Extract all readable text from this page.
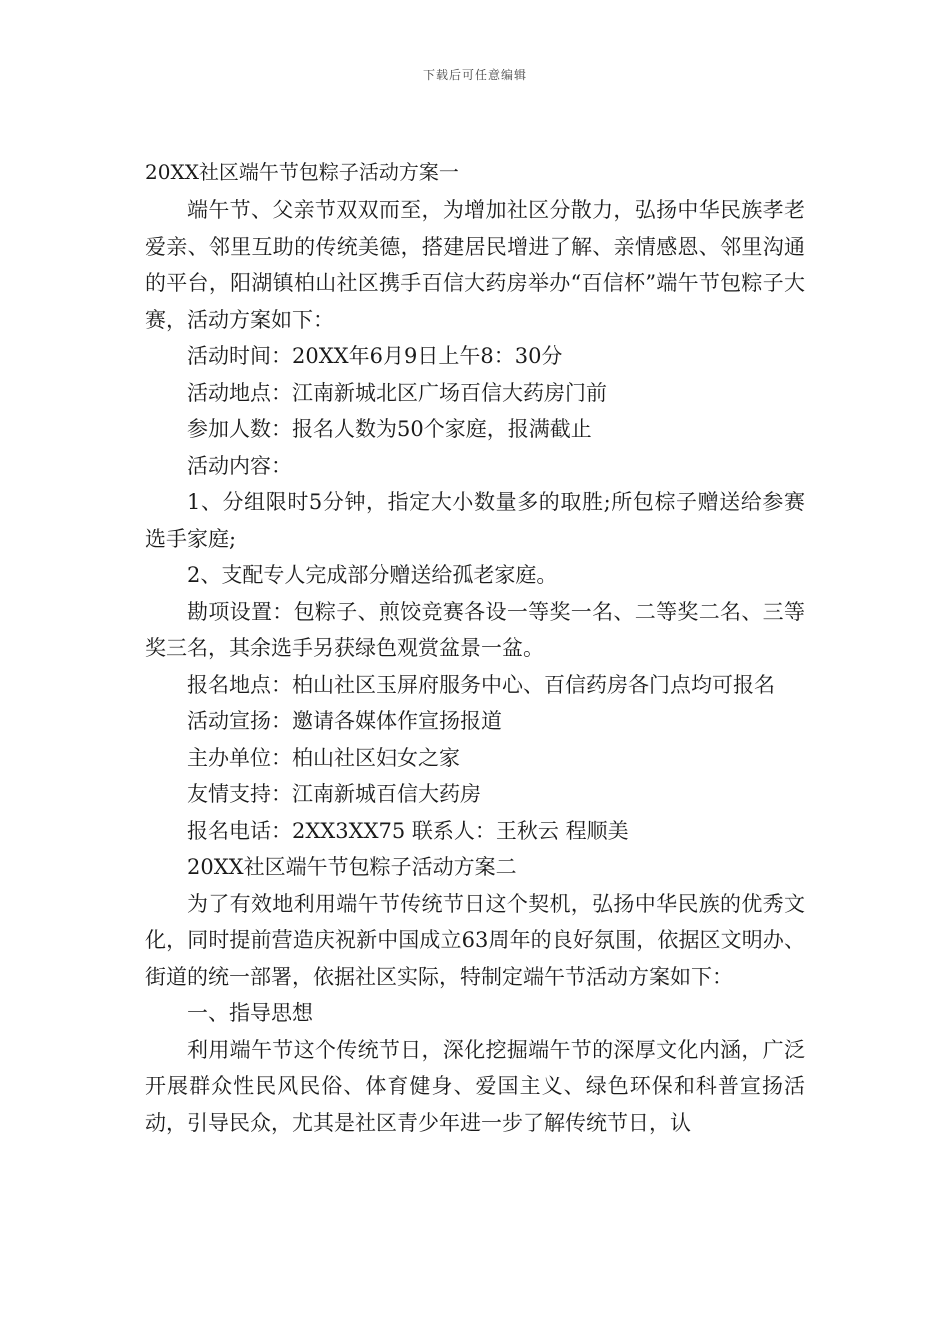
下载后可任意编辑
20XX社区端午节包粽子活动方案一

端午节、父亲节双双而至，为增加社区分散力，弘扬中华民族孝老爱亲、邻里互助的传统美德，搭建居民增进了解、亲情感恩、邻里沟通的平台，阳湖镇柏山社区携手百信大药房举办“百信杯”端午节包粽子大赛，活动方案如下：

活动时间：20XX年6月9日上午8：30分

活动地点：江南新城北区广场百信大药房门前

参加人数：报名人数为50个家庭，报满截止

活动内容：

1、分组限时5分钟，指定大小数量多的取胜;所包棕子赠送给参赛选手家庭;

2、支配专人完成部分赠送给孤老家庭。

勘项设置：包粽子、煎饺竞赛各设一等奖一名、二等奖二名、三等奖三名，其余选手另获绿色观赏盆景一盆。

报名地点：柏山社区玉屏府服务中心、百信药房各门点均可报名

活动宣扬：邀请各媒体作宣扬报道

主办单位：柏山社区妇女之家

友情支持：江南新城百信大药房

报名电话：2XX3XX75 联系人：王秋云 程顺美

20XX社区端午节包粽子活动方案二

为了有效地利用端午节传统节日这个契机，弘扬中华民族的优秀文化，同时提前营造庆祝新中国成立63周年的良好氛围，依据区文明办、街道的统一部署，依据社区实际，特制定端午节活动方案如下：

一、指导思想

利用端午节这个传统节日，深化挖掘端午节的深厚文化内涵，广泛开展群众性民风民俗、体育健身、爱国主义、绿色环保和科普宣扬活动，引导民众，尤其是社区青少年进一步了解传统节日，认
